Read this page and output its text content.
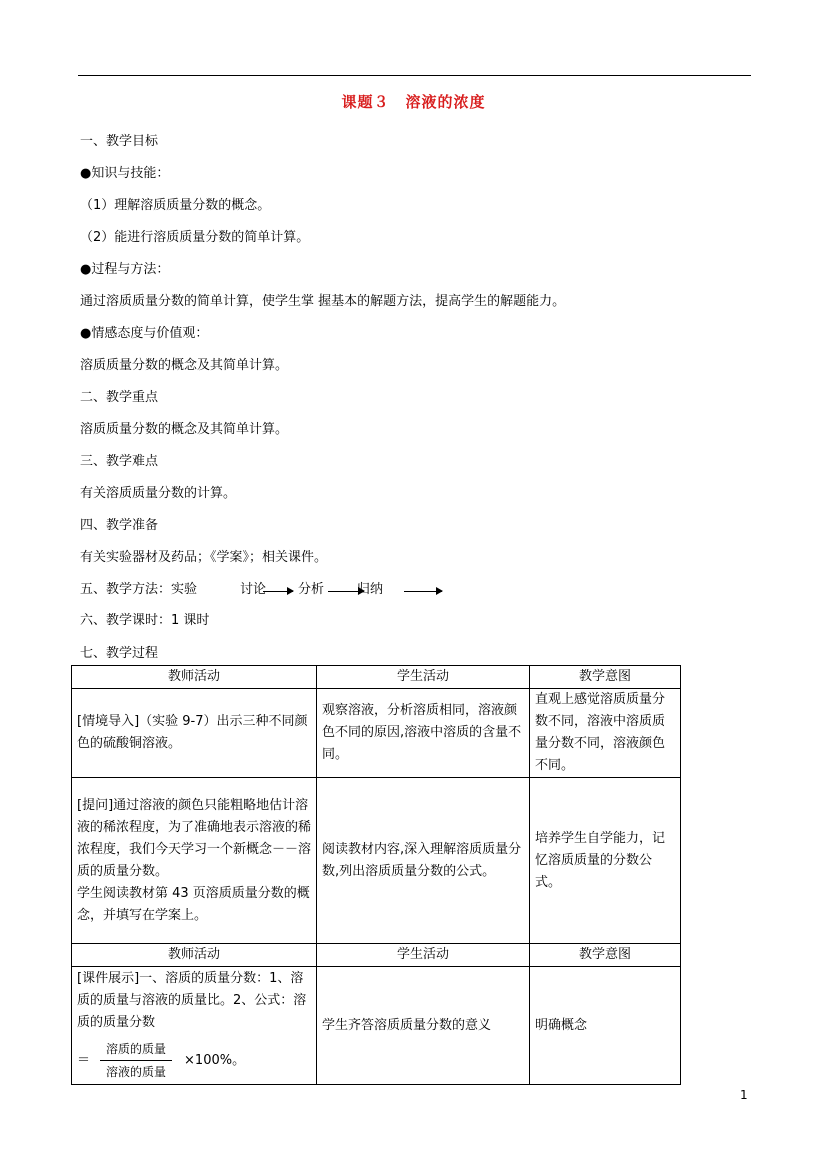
课题３　溶液的浓度
一、教学目标
●知识与技能：
（1）理解溶质质量分数的概念。
（2）能进行溶质质量分数的简单计算。
●过程与方法：
通过溶质质量分数的简单计算，使学生掌 握基本的解题方法，提高学生的解题能力。
●情感态度与价值观：
溶质质量分数的概念及其简单计算。
二、教学重点
溶质质量分数的概念及其简单计算。
三、教学难点
有关溶质质量分数的计算。
四、教学准备
有关实验器材及药品；《学案》；相关课件。
五、教学方法：实验	讨论 分析	归纳
六、教学课时：1 课时
七、教学过程
教师活动	学生活动	教学意图
[情境导入]（实验 9-7）出示三种不同颜色的硫酸铜溶液。	观察溶液，分析溶质相同，溶液颜色不同的原因,溶液中溶质的含量不同。	直观上感觉溶质质量分数不同，溶液中溶质质量分数不同，溶液颜色不同。

[提问]通过溶液的颜色只能粗略地估计溶液的稀浓程度，为了准确地表示溶液的稀浓程度，我们今天学习一个新概念－－溶质的质量分数。
学生阅读教材第 43 页溶质质量分数的概念，并填写在学案上。	阅读教材内容,深入理解溶质质量分数,列出溶质质量分数的公式。	培养学生自学能力，记忆溶质质量的分数公式。
教师活动	学生活动	教学意图

[课件展示]一、溶质的质量分数：1、溶质的质量与溶液的质量比。2、公式：溶质的质量分数
＝ $\frac{\text{溶质的质量}}{\text{溶液的质量}} \times 100\%$。	学生齐答溶质质量分数的意义	明确概念
1
